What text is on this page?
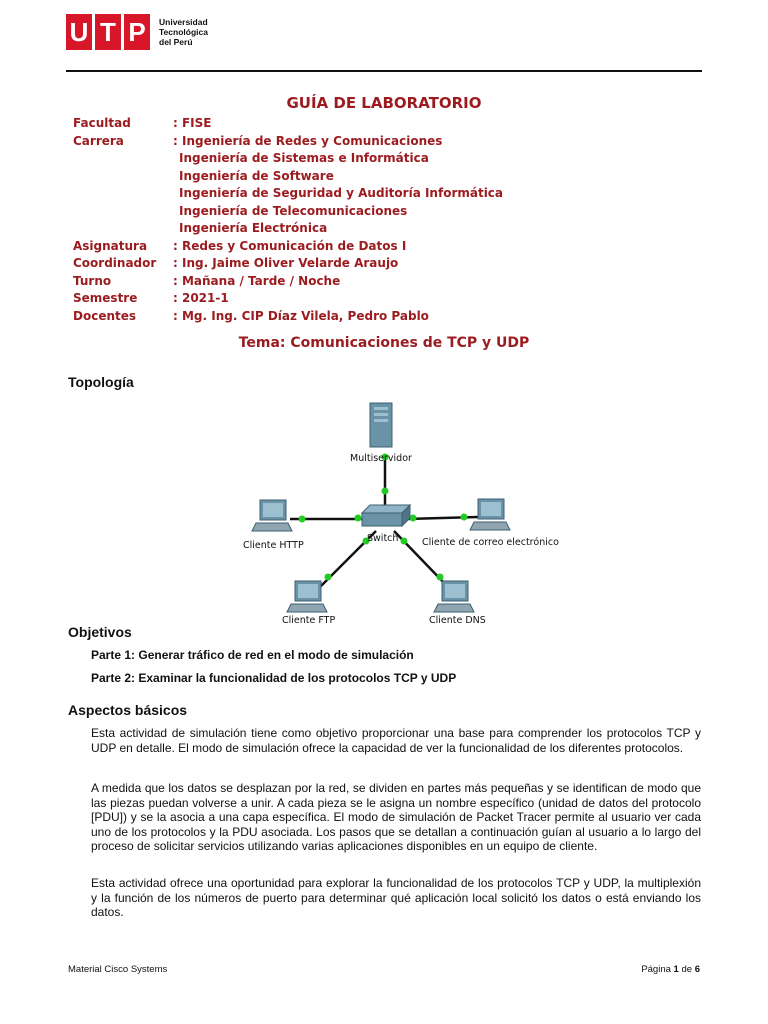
U T P	Universidad
Tecnológica
del Perú
GUÍA DE LABORATORIO
Facultad	: FISE
Carrera	: Ingeniería de Redes y Comunicaciones
Ingeniería de Sistemas e Informática
Ingeniería de Software
Ingeniería de Seguridad y Auditoría Informática
Ingeniería de Telecomunicaciones
Ingeniería Electrónica
Asignatura	: Redes y Comunicación de Datos I
Coordinador	: Ing. Jaime Oliver Velarde Araujo
Turno	: Mañana / Tarde / Noche
Semestre	: 2021-1
Docentes	: Mg. Ing. CIP Díaz Vilela, Pedro Pablo
Tema: Comunicaciones de TCP y UDP
Topología
Multiservidor
Switch
Cliente HTTP	Cliente de correo electrónico
Cliente FTP	Cliente DNS
Objetivos
Parte 1: Generar tráfico de red en el modo de simulación
Parte 2: Examinar la funcionalidad de los protocolos TCP y UDP
Aspectos básicos
Esta actividad de simulación tiene como objetivo proporcionar una base para comprender los protocolos TCP y UDP en detalle. El modo de simulación ofrece la capacidad de ver la funcionalidad de los diferentes protocolos.
A medida que los datos se desplazan por la red, se dividen en partes más pequeñas y se identifican de modo que las piezas puedan volverse a unir. A cada pieza se le asigna un nombre específico (unidad de datos del protocolo [PDU]) y se la asocia a una capa específica. El modo de simulación de Packet Tracer permite al usuario ver cada uno de los protocolos y la PDU asociada. Los pasos que se detallan a continuación guían al usuario a lo largo del proceso de solicitar servicios utilizando varias aplicaciones disponibles en un equipo de cliente.
Esta actividad ofrece una oportunidad para explorar la funcionalidad de los protocolos TCP y UDP, la multiplexión y la función de los números de puerto para determinar qué aplicación local solicitó los datos o está enviando los datos.
Material Cisco Systems	Página 1 de 6
